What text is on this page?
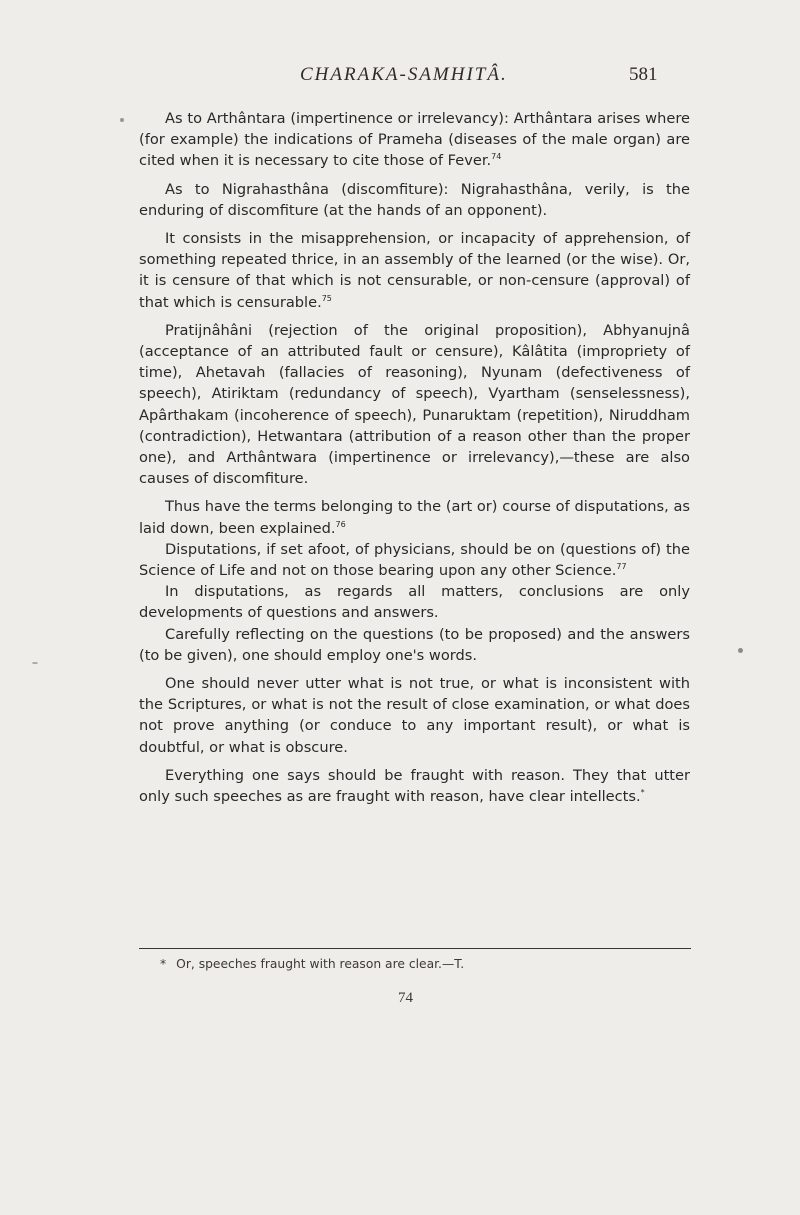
CHARAKA-SAMHITÂ.	581

As to Arthântara (impertinence or irrelevancy): Arthântara arises where (for example) the indications of Prameha (diseases of the male organ) are cited when it is necessary to cite those of Fever.$^{74}$

As to Nigrahasthâna (discomfiture): Nigrahasthâna, verily, is the enduring of discomfiture (at the hands of an opponent).

It consists in the misapprehension, or incapacity of apprehension, of something repeated thrice, in an assembly of the learned (or the wise). Or, it is censure of that which is not censurable, or non-censure (approval) of that which is censurable.$^{75}$

Pratijnâhâni (rejection of the original proposition), Abhyanujnâ (acceptance of an attributed fault or censure), Kâlâtita (impropriety of time), Ahetavah (fallacies of reasoning), Nyunam (defectiveness of speech), Atiriktam (redundancy of speech), Vyartham (senselessness), Apârthakam (incoherence of speech), Punaruktam (repetition), Niruddham (contradiction), Hetwantara (attribution of a reason other than the proper one), and Arthântwara (impertinence or irrelevancy),—these are also causes of discomfiture.

Thus have the terms belonging to the (art or) course of disputations, as laid down, been explained.$^{76}$

Disputations, if set afoot, of physicians, should be on (questions of) the Science of Life and not on those bearing upon any other Science.$^{77}$

In disputations, as regards all matters, conclusions are only developments of questions and answers.

Carefully reflecting on the questions (to be proposed) and the answers (to be given), one should employ one's words.

One should never utter what is not true, or what is inconsistent with the Scriptures, or what is not the result of close examination, or what does not prove anything (or conduce to any important result), or what is doubtful, or what is obscure.

Everything one says should be fraught with reason. They that utter only such speeches as are fraught with reason, have clear intellects.*

* Or, speeches fraught with reason are clear.—T.
74
